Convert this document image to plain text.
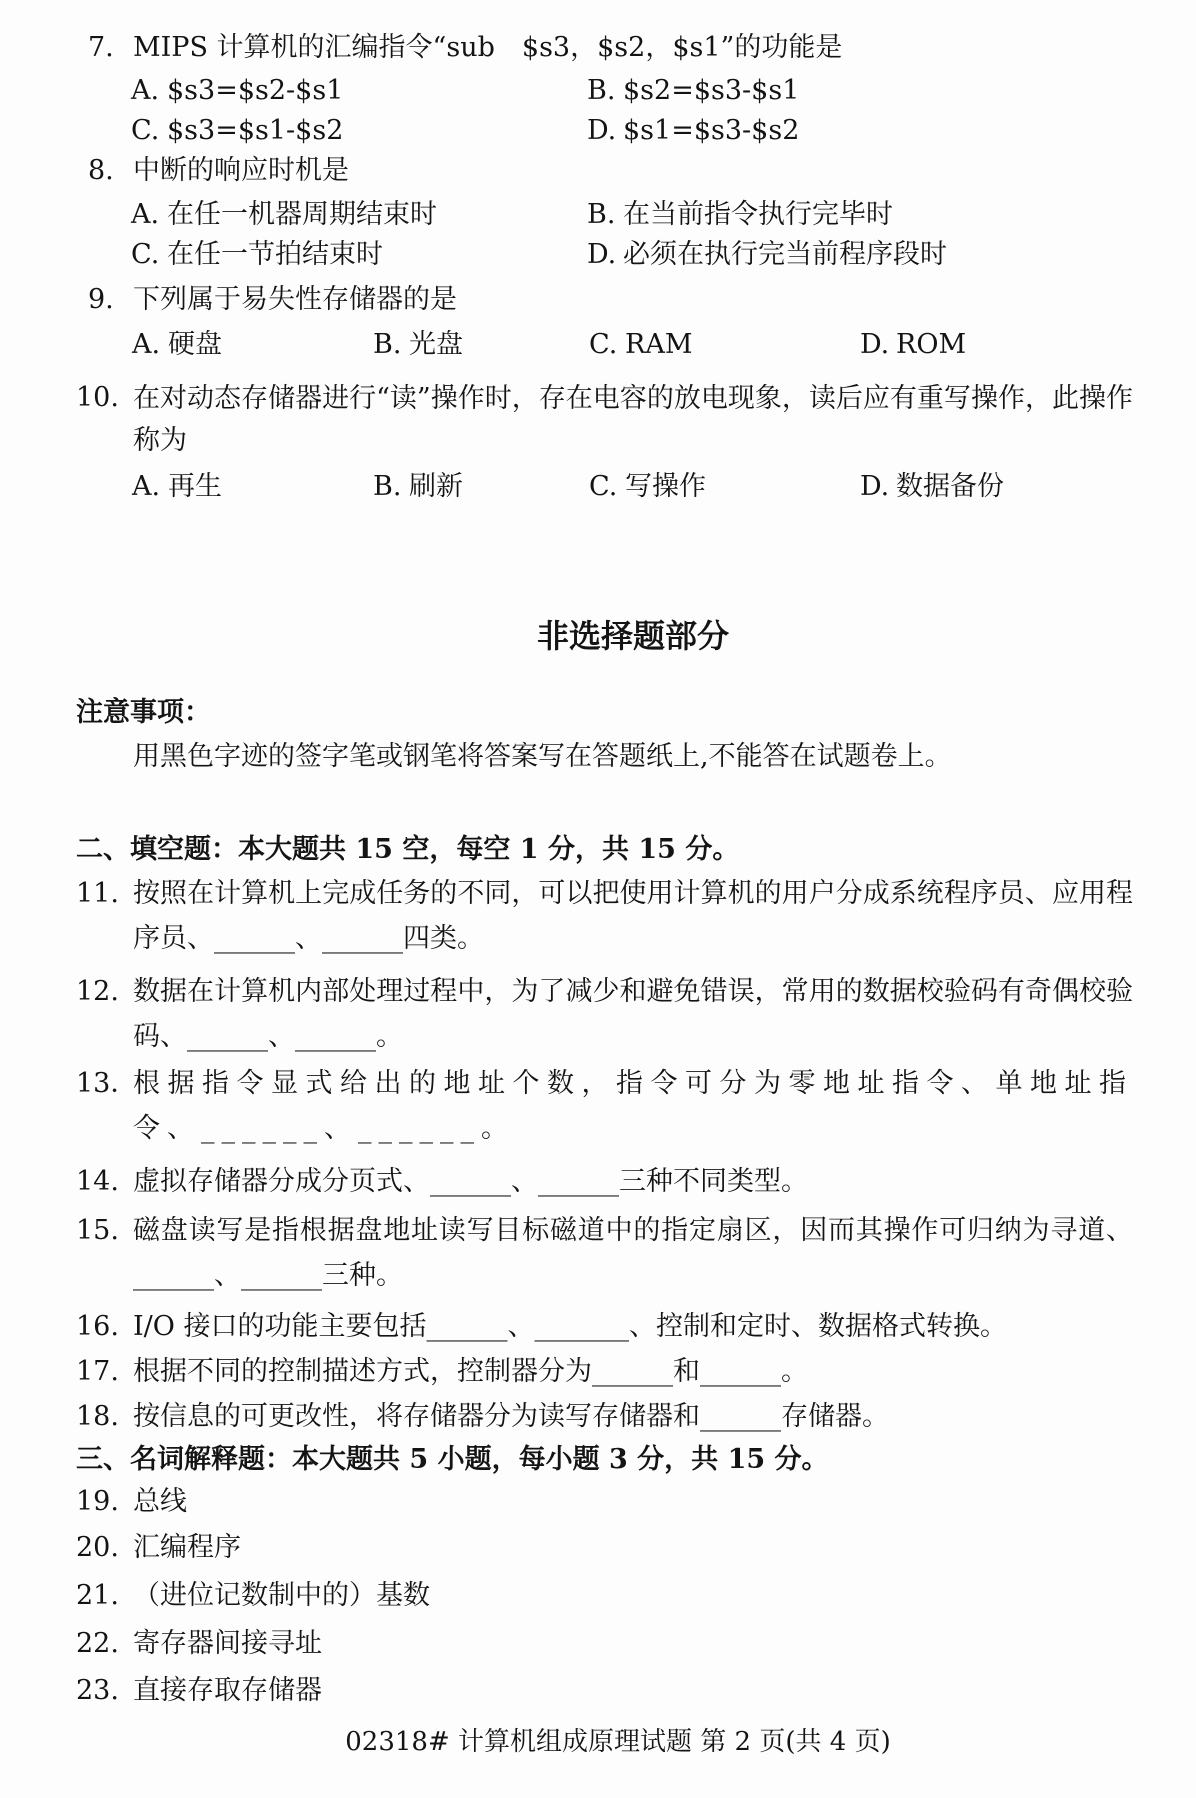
7. MIPS 计算机的汇编指令“sub  $s3，$s2，$s1”的功能是
A. $s3=$s2-$s1	B. $s2=$s3-$s1
C. $s3=$s1-$s2	D. $s1=$s3-$s2
8. 中断的响应时机是
A. 在任一机器周期结束时	B. 在当前指令执行完毕时
C. 在任一节拍结束时	D. 必须在执行完当前程序段时
9. 下列属于易失性存储器的是
A. 硬盘	B. 光盘	C. RAM	D. ROM
10. 在对动态存储器进行“读”操作时，存在电容的放电现象，读后应有重写操作，此操作称为
A. 再生	B. 刷新	C. 写操作	D. 数据备份
非选择题部分
注意事项：
用黑色字迹的签字笔或钢笔将答案写在答题纸上,不能答在试题卷上。
二、填空题：本大题共 15 空，每空 1 分，共 15 分。
11. 按照在计算机上完成任务的不同，可以把使用计算机的用户分成系统程序员、应用程序员、______、______四类。
12. 数据在计算机内部处理过程中，为了减少和避免错误，常用的数据校验码有奇偶校验码、______、______。
13．
根据指令显式给出的地址个数，指令可分为零地址指令、单地址指令、______、______。
14. 虚拟存储器分成分页式、______、______三种不同类型。
15. 磁盘读写是指根据盘地址读写目标磁道中的指定扇区，因而其操作可归纳为寻道、______、______三种。
16. I/O 接口的功能主要包括______、_______、控制和定时、数据格式转换。
17. 根据不同的控制描述方式，控制器分为______和______。
18. 按信息的可更改性，将存储器分为读写存储器和______存储器。
三、名词解释题：本大题共 5 小题，每小题 3 分，共 15 分。
19. 总线
20. 汇编程序
21. （进位记数制中的）基数
22. 寄存器间接寻址
23. 直接存取存储器
02318# 计算机组成原理试题 第 2 页(共 4 页)
